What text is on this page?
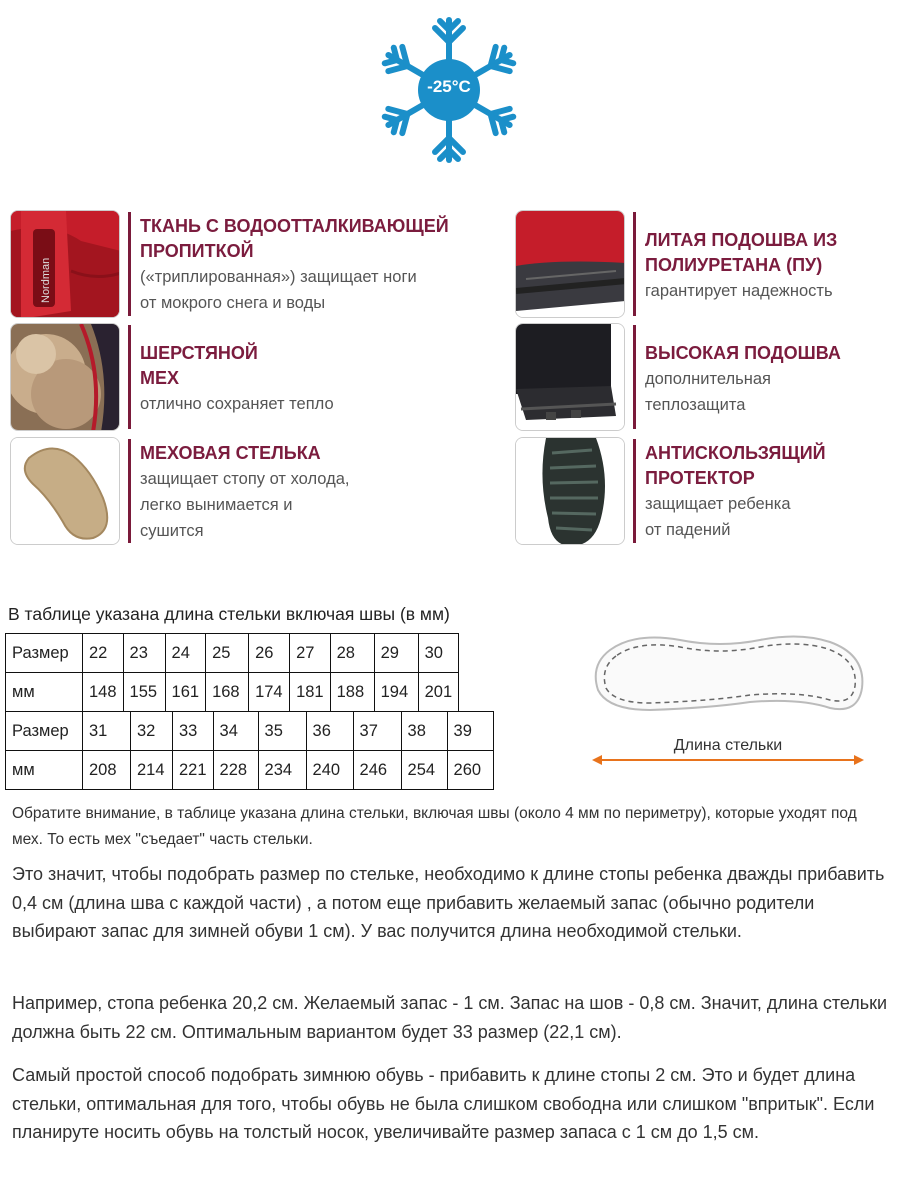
-25°C
Nordman
ТКАНЬ С ВОДООТТАЛКИВАЮЩЕЙ
ПРОПИТКОЙ
(«триплированная») защищает ноги
от мокрого снега и воды
ШЕРСТЯНОЙ
МЕХ
отлично сохраняет тепло
МЕХОВАЯ СТЕЛЬКА
защищает стопу от холода,
легко вынимается и
сушится
ЛИТАЯ ПОДОШВА ИЗ
ПОЛИУРЕТАНА (ПУ)
гарантирует надежность
ВЫСОКАЯ ПОДОШВА
дополнительная
теплозащита
АНТИСКОЛЬЗЯЩИЙ
ПРОТЕКТОР
защищает ребенка
от падений
В таблице указана длина стельки включая швы (в мм)
Размер	22	23	24	25	26	27	28	29	30
мм	148	155	161	168	174	181	188	194	201
Размер	31	32	33	34	35	36	37	38	39
мм	208	214	221	228	234	240	246	254	260
Длина стельки
Обратите внимание, в таблице указана длина стельки, включая швы (около 4 мм по периметру), которые уходят под мех. То есть мех "съедает" часть стельки.
Это значит, чтобы подобрать размер по стельке, необходимо к длине стопы ребенка дважды прибавить 0,4 см (длина шва с каждой части) , а потом еще прибавить желаемый запас (обычно родители выбирают запас для зимней обуви 1 см). У вас получится длина необходимой стельки.
Например, стопа ребенка 20,2 см. Желаемый запас - 1 см. Запас на шов - 0,8 см. Значит, длина стельки должна быть 22 см. Оптимальным вариантом будет 33 размер (22,1 см).
Самый простой способ подобрать зимнюю обувь - прибавить к длине стопы 2 см. Это и будет длина стельки, оптимальная для того, чтобы обувь не была слишком свободна или слишком "впритык". Если планируте носить обувь на толстый носок, увеличивайте размер запаса с 1 см до 1,5 см.
